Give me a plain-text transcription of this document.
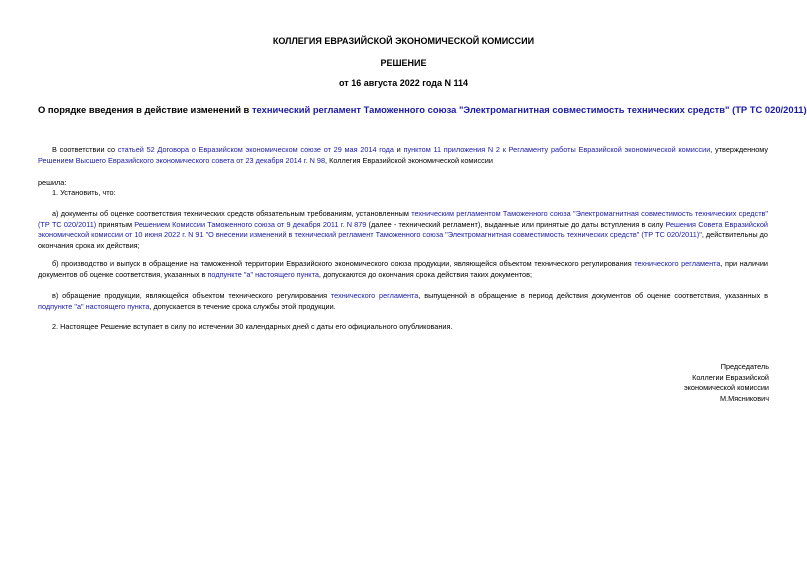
КОЛЛЕГИЯ ЕВРАЗИЙСКОЙ ЭКОНОМИЧЕСКОЙ КОМИССИИ
РЕШЕНИЕ
от 16 августа 2022 года N 114
О порядке введения в действие изменений в технический регламент Таможенного союза "Электромагнитная совместимость технических средств" (ТР ТС 020/2011)
В соответствии со статьей 52 Договора о Евразийском экономическом союзе от 29 мая 2014 года и пунктом 11 приложения N 2 к Регламенту работы Евразийской экономической комиссии, утвержденному Решением Высшего Евразийского экономического совета от 23 декабря 2014 г. N 98, Коллегия Евразийской экономической комиссии
решила:
1. Установить, что:
а) документы об оценке соответствия технических средств обязательным требованиям, установленным техническим регламентом Таможенного союза "Электромагнитная совместимость технических средств" (ТР ТС 020/2011) принятым Решением Комиссии Таможенного союза от 9 декабря 2011 г. N 879 (далее - технический регламент), выданные или принятые до даты вступления в силу Решения Совета Евразийской экономической комиссии от 10 июня 2022 г. N 91 "О внесении изменений в технический регламент Таможенного союза "Электромагнитная совместимость технических средств" (ТР ТС 020/2011)", действительны до окончания срока их действия;
б) производство и выпуск в обращение на таможенной территории Евразийского экономического союза продукции, являющейся объектом технического регулирования технического регламента, при наличии документов об оценке соответствия, указанных в подпункте "а" настоящего пункта, допускаются до окончания срока действия таких документов;
в) обращение продукции, являющейся объектом технического регулирования технического регламента, выпущенной в обращение в период действия документов об оценке соответствия, указанных в подпункте "а" настоящего пункта, допускается в течение срока службы этой продукции.
2. Настоящее Решение вступает в силу по истечении 30 календарных дней с даты его официального опубликования.
Председатель
Коллегии Евразийской
экономической комиссии
М.Мясникович
